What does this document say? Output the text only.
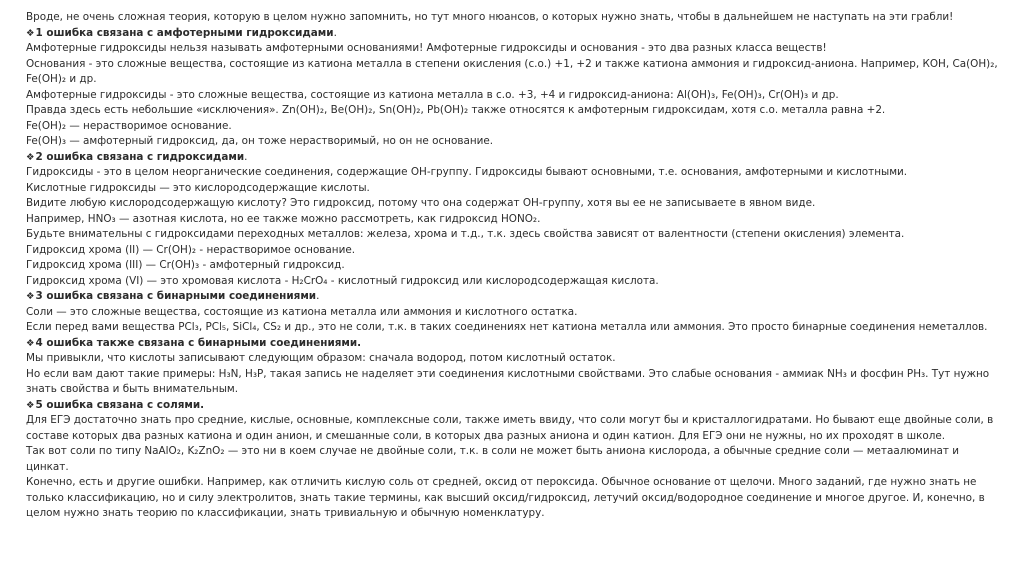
Вроде, не очень сложная теория, которую в целом нужно запомнить, но тут много нюансов, о которых нужно знать, чтобы в дальнейшем не наступать на эти грабли!

❖1 ошибка связана с амфотерными гидроксидами.

Амфотерные гидроксиды нельзя называть амфотерными основаниями! Амфотерные гидроксиды и основания - это два разных класса веществ!

Основания - это сложные вещества, состоящие из катиона металла в степени окисления (с.о.) +1, +2 и также катиона аммония и гидроксид-аниона. Например, КОН, Ca(OH)₂, Fe(OH)₂ и др.

Амфотерные гидроксиды - это сложные вещества, состоящие из катиона металла в с.о. +3, +4 и гидроксид-аниона: Al(OH)₃, Fe(OH)₃, Cr(OH)₃ и др.

Правда здесь есть небольшие «исключения». Zn(OH)₂, Be(OH)₂, Sn(OH)₂, Pb(OH)₂ также относятся к амфотерным гидроксидам, хотя с.о. металла равна +2.

Fe(OH)₂ — нерастворимое основание.

Fe(OH)₃ — амфотерный гидроксид, да, он тоже нерастворимый, но он не основание.

❖2 ошибка связана с гидроксидами.

Гидроксиды - это в целом неорганические соединения, содержащие ОН-группу. Гидроксиды бывают основными, т.е. основания, амфотерными и кислотными.

Кислотные гидроксиды — это кислородсодержащие кислоты.

Видите любую кислородсодержащую кислоту? Это гидроксид, потому что она содержат ОН-группу, хотя вы ее не записываете в явном виде.

Например, HNO₃ — азотная кислота, но ее также можно рассмотреть, как гидроксид HONO₂.

Будьте внимательны с гидроксидами переходных металлов: железа, хрома и т.д., т.к. здесь свойства зависят от валентности (степени окисления) элемента.

Гидроксид хрома (II) — Cr(OH)₂ - нерастворимое основание.

Гидроксид хрома (III) — Cr(OH)₃ - амфотерный гидроксид.

Гидроксид хрома (VI) — это хромовая кислота - H₂CrO₄ - кислотный гидроксид или кислородсодержащая кислота.

❖3 ошибка связана с бинарными соединениями.

Соли — это сложные вещества, состоящие из катиона металла или аммония и кислотного остатка.

Если перед вами вещества PCl₃, PCl₅, SiCl₄, CS₂ и др., это не соли, т.к. в таких соединениях нет катиона металла или аммония. Это просто бинарные соединения неметаллов.

❖4 ошибка также связана с бинарными соединениями.

Мы привыкли, что кислоты записывают следующим образом: сначала водород, потом кислотный остаток.

Но если вам дают такие примеры: H₃N, H₃P, такая запись не наделяет эти соединения кислотными свойствами. Это слабые основания - аммиак NH₃ и фосфин PH₃. Тут нужно знать свойства и быть внимательным.

❖5 ошибка связана с солями.

Для ЕГЭ достаточно знать про средние, кислые, основные, комплексные соли, также иметь ввиду, что соли могут бы и кристаллогидратами. Но бывают еще двойные соли, в составе которых два разных катиона и один анион, и смешанные соли, в которых два разных аниона и один катион. Для ЕГЭ они не нужны, но их проходят в школе.

Так вот соли по типу NaAlO₂, K₂ZnO₂ — это ни в коем случае не двойные соли, т.к. в соли не может быть аниона кислорода, а обычные средние соли — метаалюминат и цинкат.

Конечно, есть и другие ошибки. Например, как отличить кислую соль от средней, оксид от пероксида. Обычное основание от щелочи. Много заданий, где нужно знать не только классификацию, но и силу электролитов, знать такие термины, как высший оксид/гидроксид, летучий оксид/водородное соединение и многое другое. И, конечно, в целом нужно знать теорию по классификации, знать тривиальную и обычную номенклатуру.
